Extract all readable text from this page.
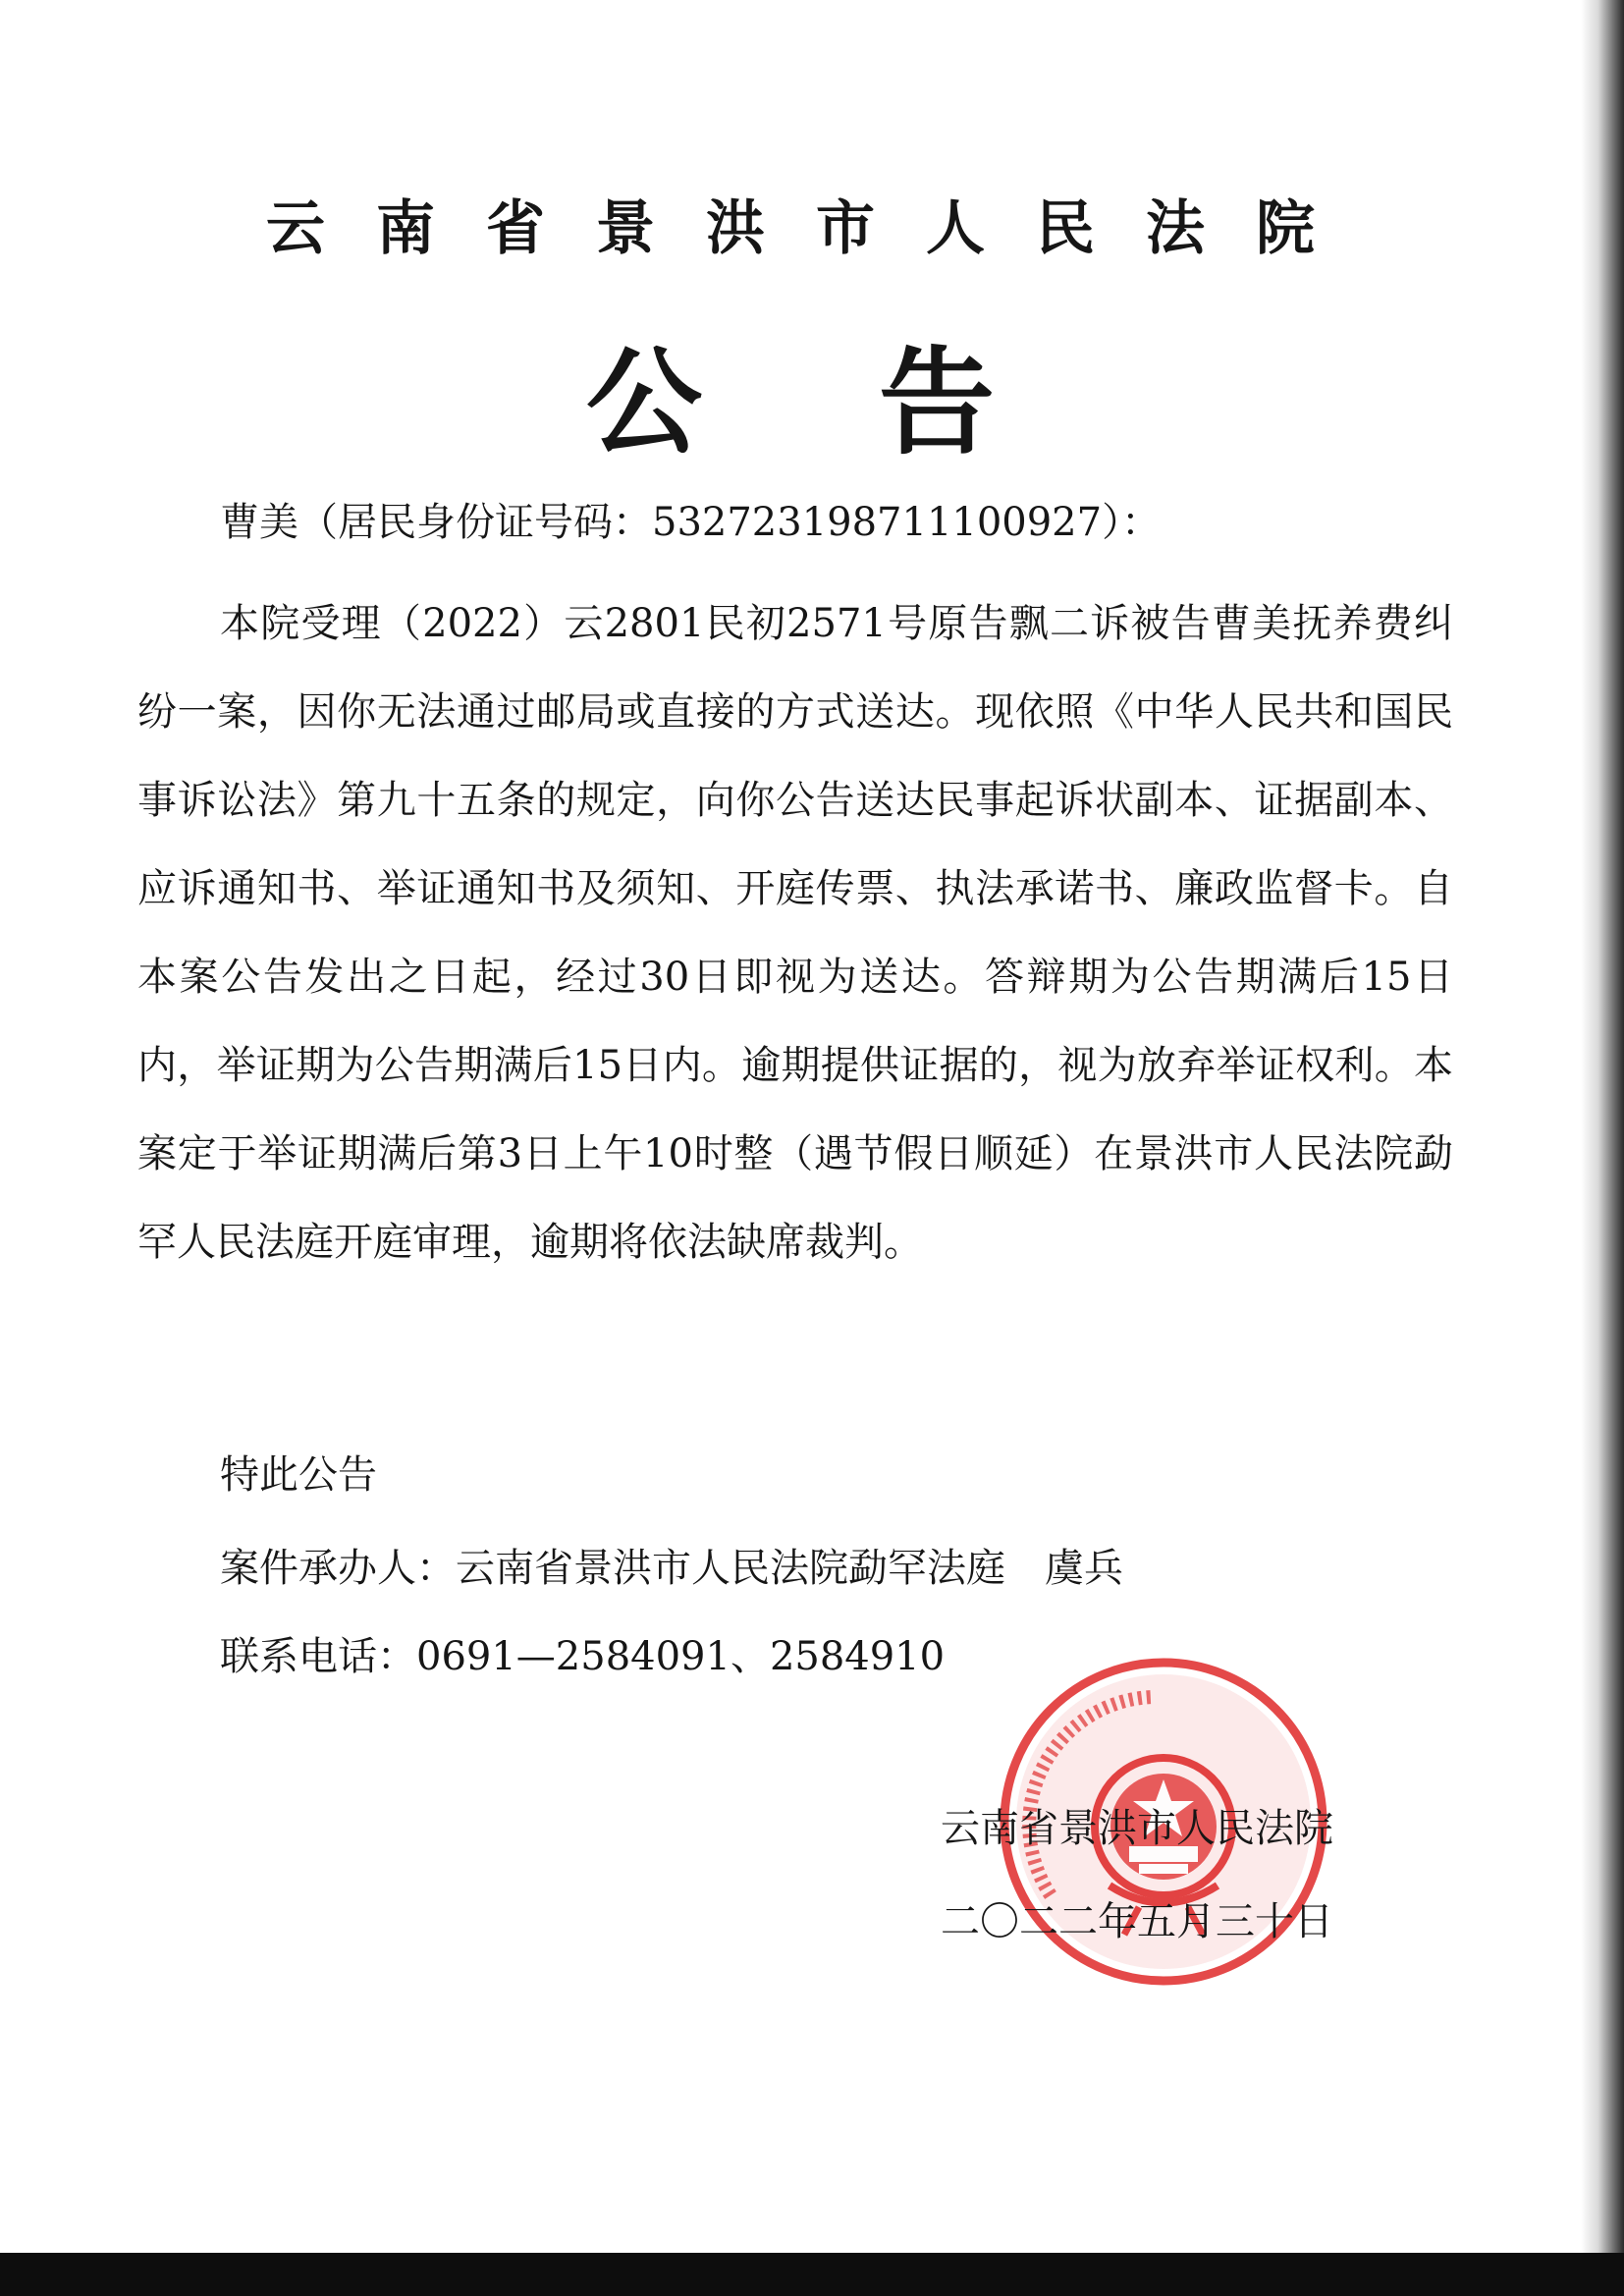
云南省景洪市人民法院
公告
曹美（居民身份证号码：532723198711100927）：
本院受理（2022）云2801民初2571号原告飘二诉被告曹美抚养费纠纷一案，因你无法通过邮局或直接的方式送达。现依照《中华人民共和国民事诉讼法》第九十五条的规定，向你公告送达民事起诉状副本、证据副本、应诉通知书、举证通知书及须知、开庭传票、执法承诺书、廉政监督卡。自本案公告发出之日起，经过30日即视为送达。答辩期为公告期满后15日内，举证期为公告期满后15日内。逾期提供证据的，视为放弃举证权利。本案定于举证期满后第3日上午10时整（遇节假日顺延）在景洪市人民法院勐罕人民法庭开庭审理，逾期将依法缺席裁判。
特此公告
案件承办人：云南省景洪市人民法院勐罕法庭 虞兵
联系电话：0691—2584091、2584910
云南省景洪市人民法院
二〇二二年五月三十日
